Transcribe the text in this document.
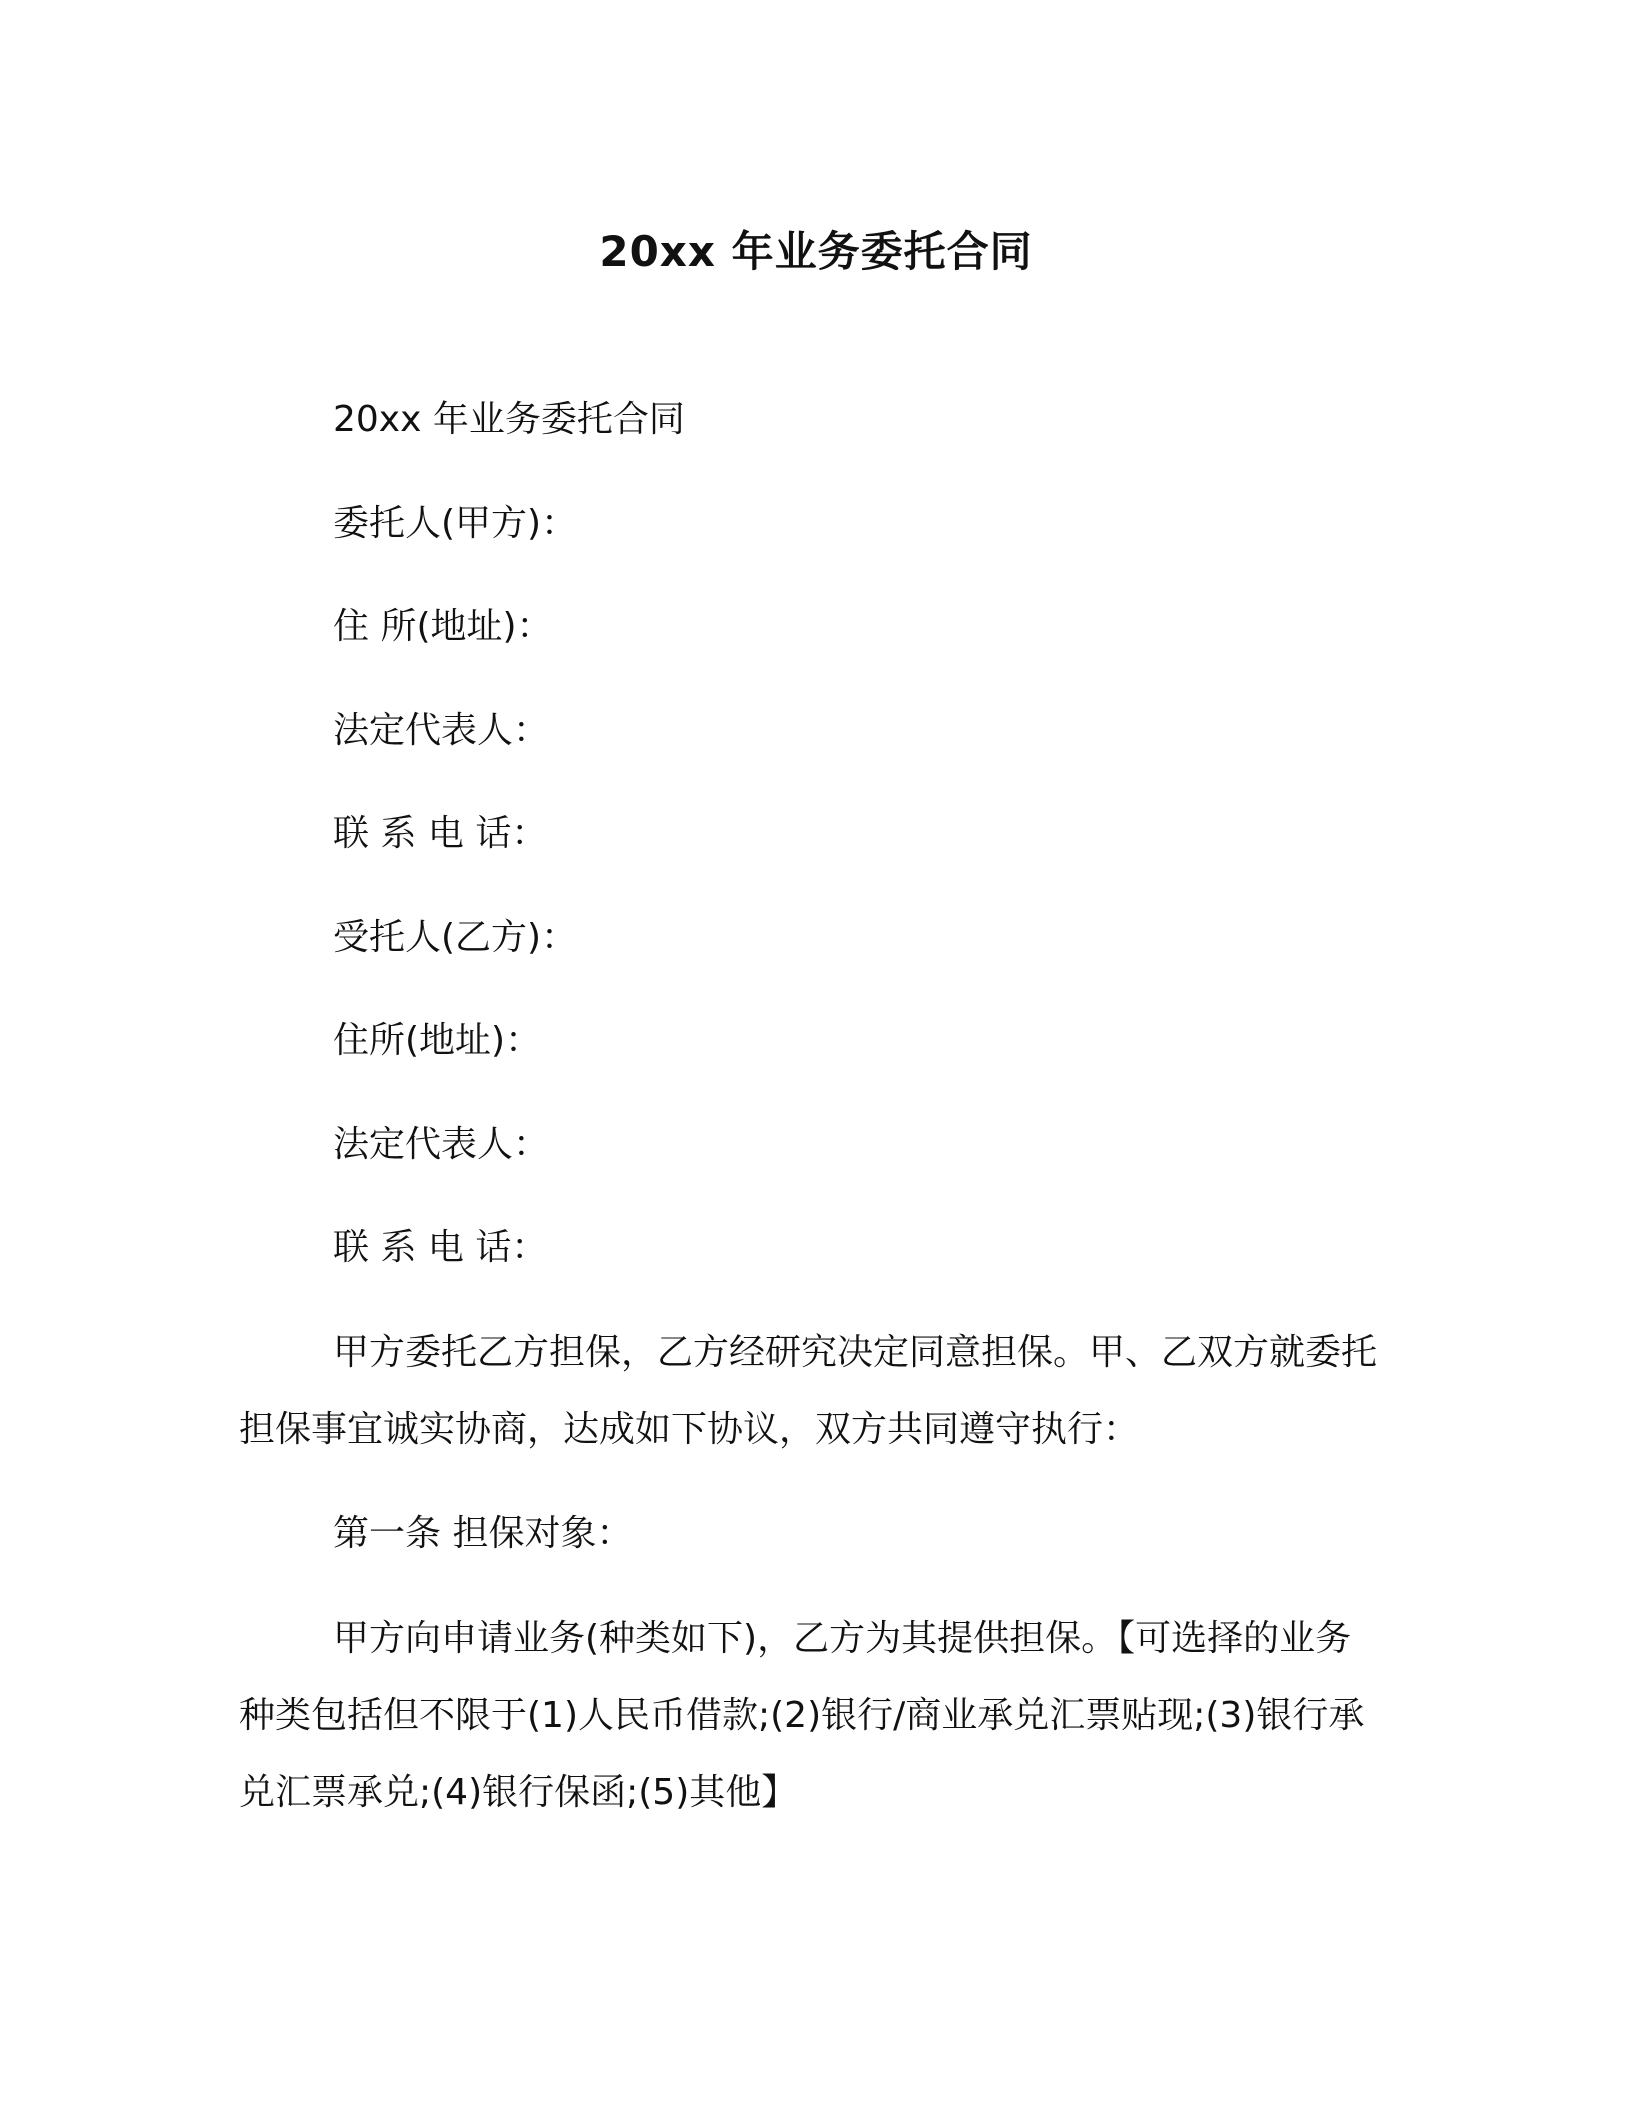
20xx 年业务委托合同
20xx 年业务委托合同
委托人(甲方)：
住 所(地址)：
法定代表人：
联 系 电 话：
受托人(乙方)：
住所(地址)：
法定代表人：
联 系 电 话：
甲方委托乙方担保，乙方经研究决定同意担保。甲、乙双方就委托担保事宜诚实协商，达成如下协议，双方共同遵守执行：
第一条 担保对象：
甲方向申请业务(种类如下)，乙方为其提供担保。【可选择的业务种类包括但不限于(1)人民币借款;(2)银行/商业承兑汇票贴现;(3)银行承兑汇票承兑;(4)银行保函;(5)其他】
